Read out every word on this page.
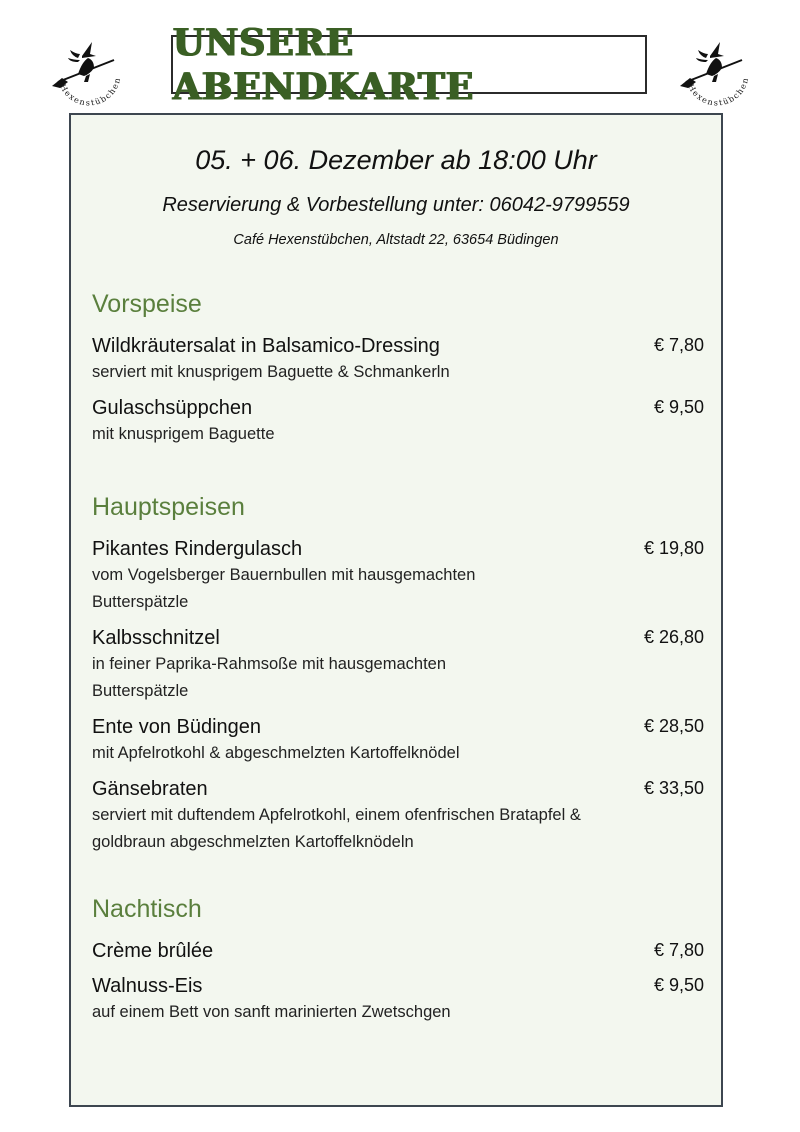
Hexenstübchen
UNSERE ABENDKARTE	Hexenstübchen
05. + 06. Dezember ab 18:00 Uhr
Reservierung & Vorbestellung unter: 06042-9799559
Café Hexenstübchen, Altstadt 22, 63654 Büdingen
Vorspeise
Wildkräutersalat in Balsamico-Dressing	€ 7,80
serviert mit knusprigem Baguette & Schmankerln
Gulaschsüppchen	€ 9,50
mit knusprigem Baguette
Hauptspeisen
Pikantes Rindergulasch	€ 19,80
vom Vogelsberger Bauernbullen mit hausgemachten Butterspätzle
Kalbsschnitzel	€ 26,80
in feiner Paprika-Rahmsoße mit hausgemachten Butterspätzle
Ente von Büdingen	€ 28,50
mit Apfelrotkohl & abgeschmelzten Kartoffelknödel
Gänsebraten	€ 33,50
serviert mit duftendem Apfelrotkohl, einem ofenfrischen Bratapfel & goldbraun abgeschmelzten Kartoffelknödeln
Nachtisch
Crème brûlée	€ 7,80
Walnuss-Eis	€ 9,50
auf einem Bett von sanft marinierten Zwetschgen
